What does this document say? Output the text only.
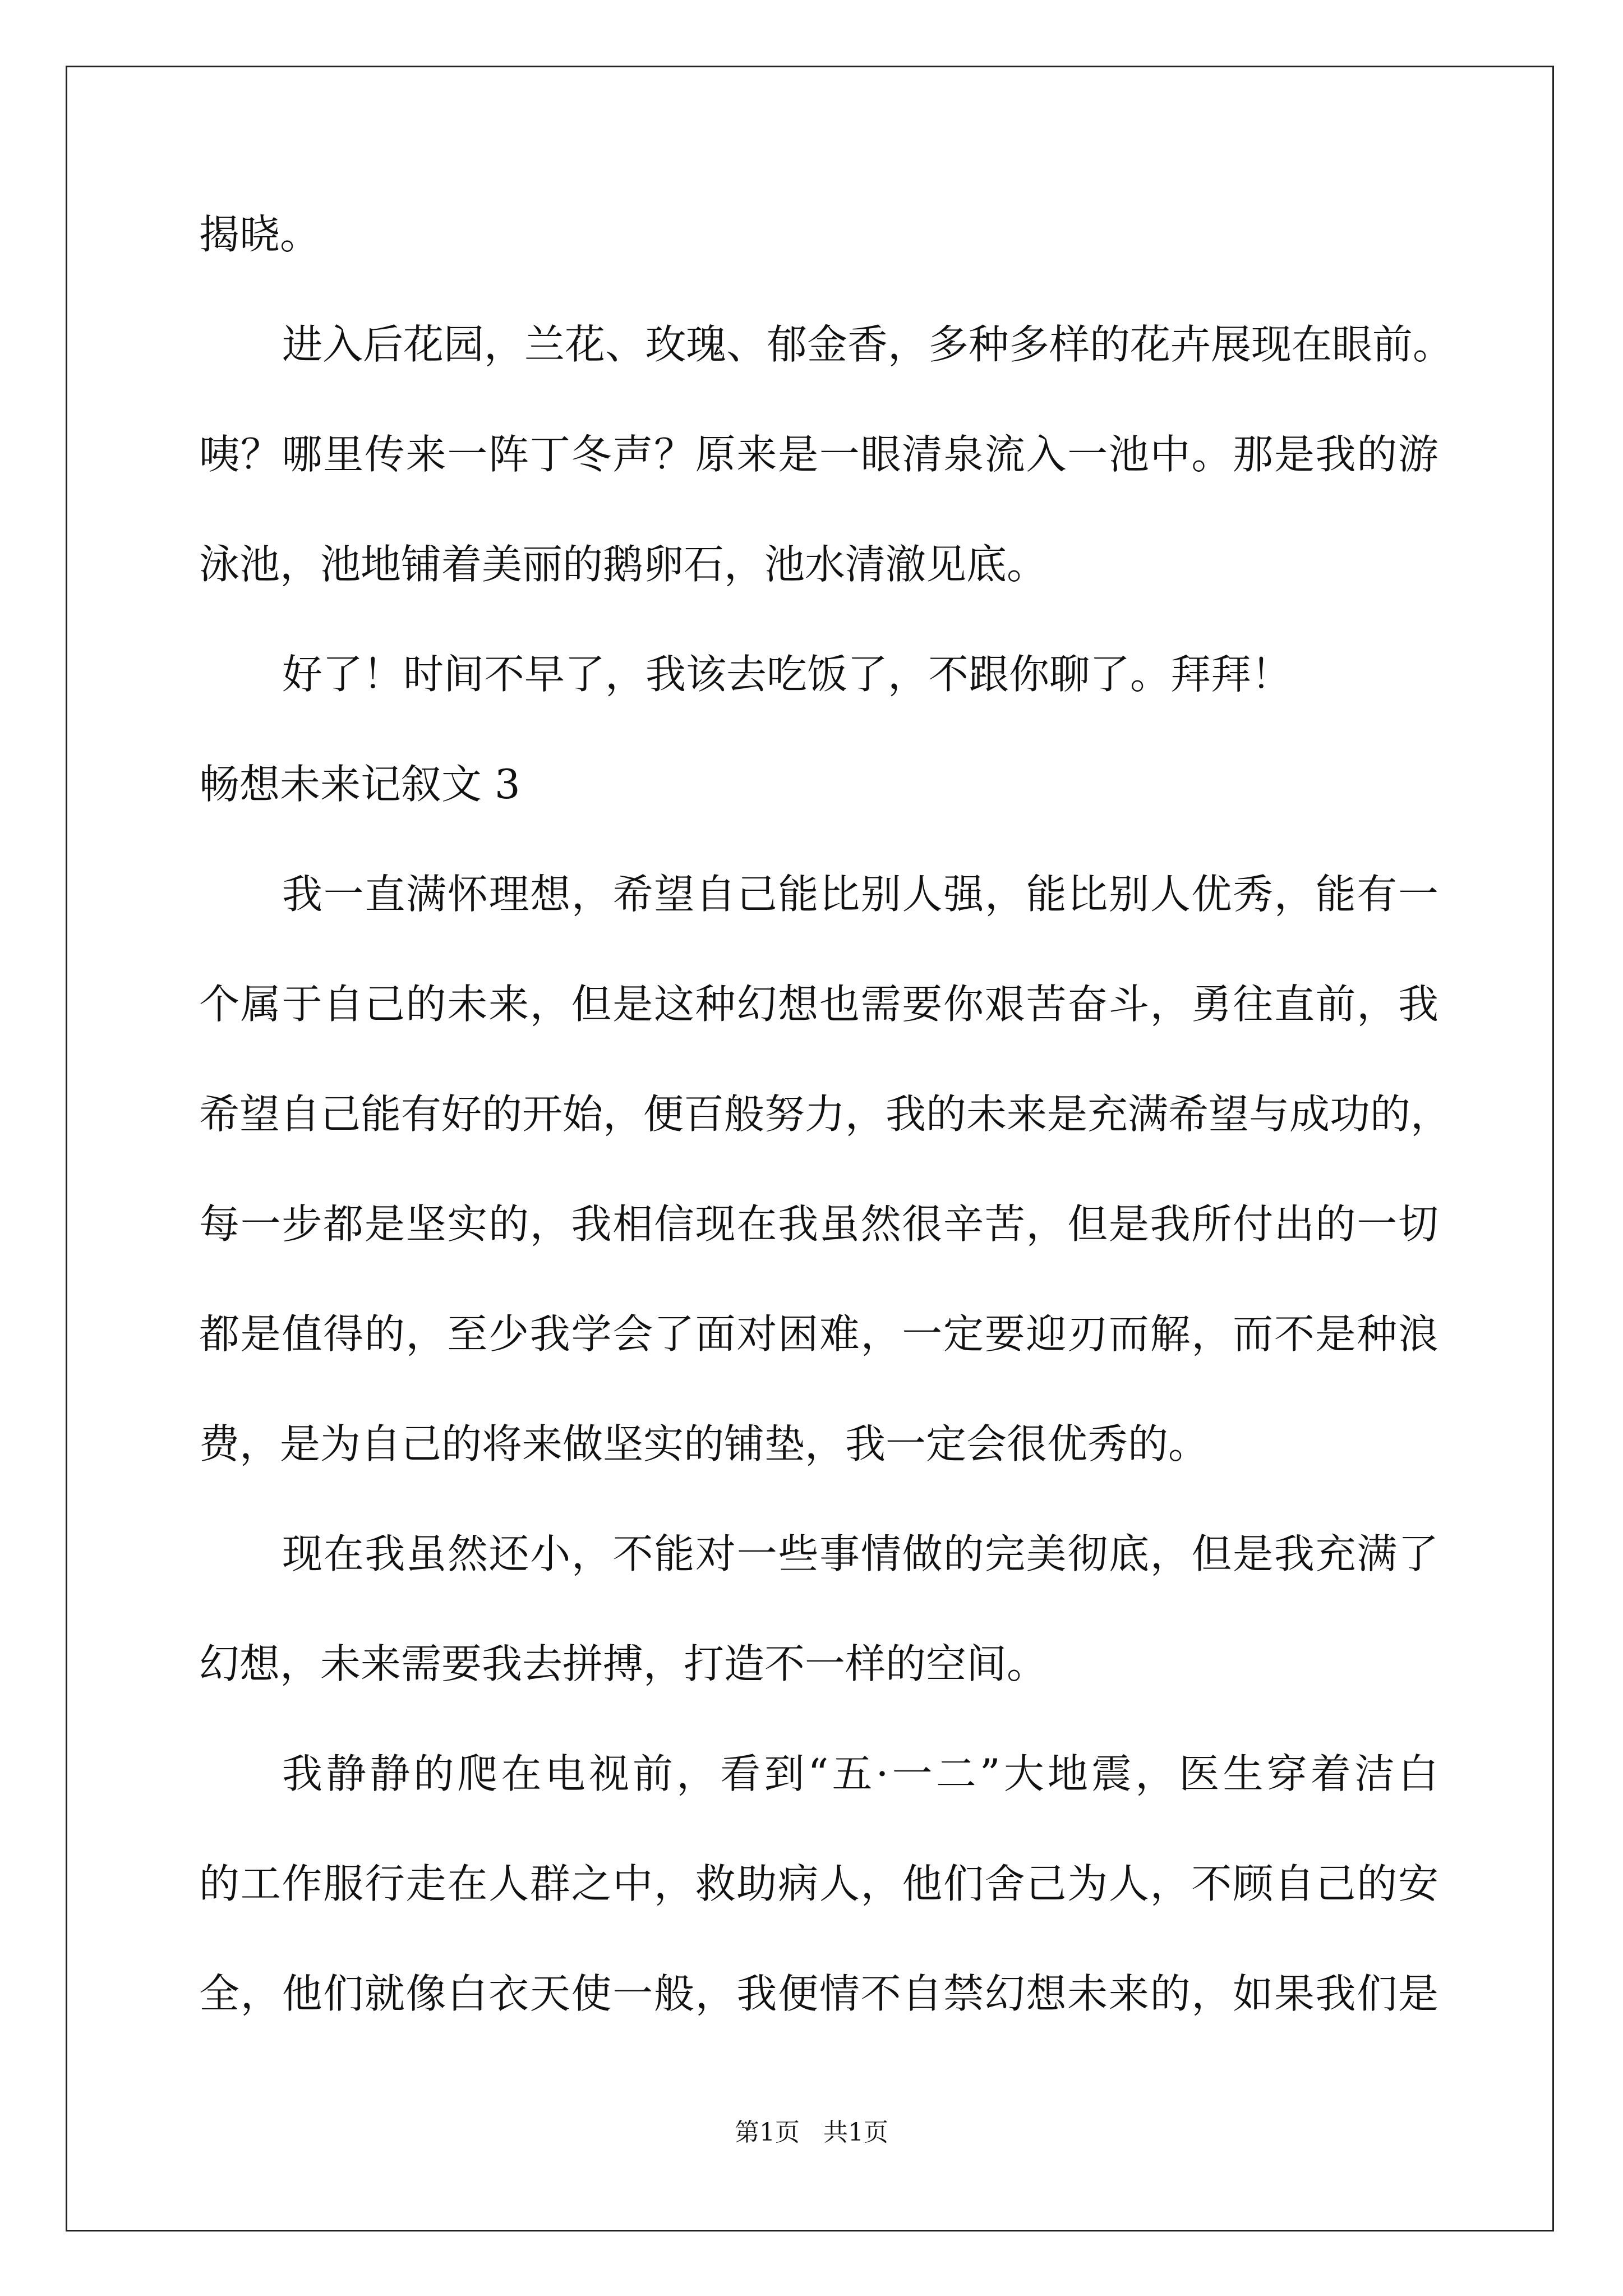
揭晓。
进入后花园，兰花、玫瑰、郁金香，多种多样的花卉展现在眼前。
咦？哪里传来一阵丁冬声？原来是一眼清泉流入一池中。那是我的游
泳池，池地铺着美丽的鹅卵石，池水清澈见底。
好了！时间不早了，我该去吃饭了，不跟你聊了。拜拜！
畅想未来记叙文 3
我一直满怀理想，希望自己能比别人强，能比别人优秀，能有一
个属于自己的未来，但是这种幻想也需要你艰苦奋斗，勇往直前，我
希望自己能有好的开始，便百般努力，我的未来是充满希望与成功的，
每一步都是坚实的，我相信现在我虽然很辛苦，但是我所付出的一切
都是值得的，至少我学会了面对困难，一定要迎刃而解，而不是种浪
费，是为自己的将来做坚实的铺垫，我一定会很优秀的。
现在我虽然还小，不能对一些事情做的完美彻底，但是我充满了
幻想，未来需要我去拼搏，打造不一样的空间。
我静静的爬在电视前，看到“五·一二”大地震，医生穿着洁白
的工作服行走在人群之中，救助病人，他们舍己为人，不顾自己的安
全，他们就像白衣天使一般，我便情不自禁幻想未来的，如果我们是
第1页   共1页
